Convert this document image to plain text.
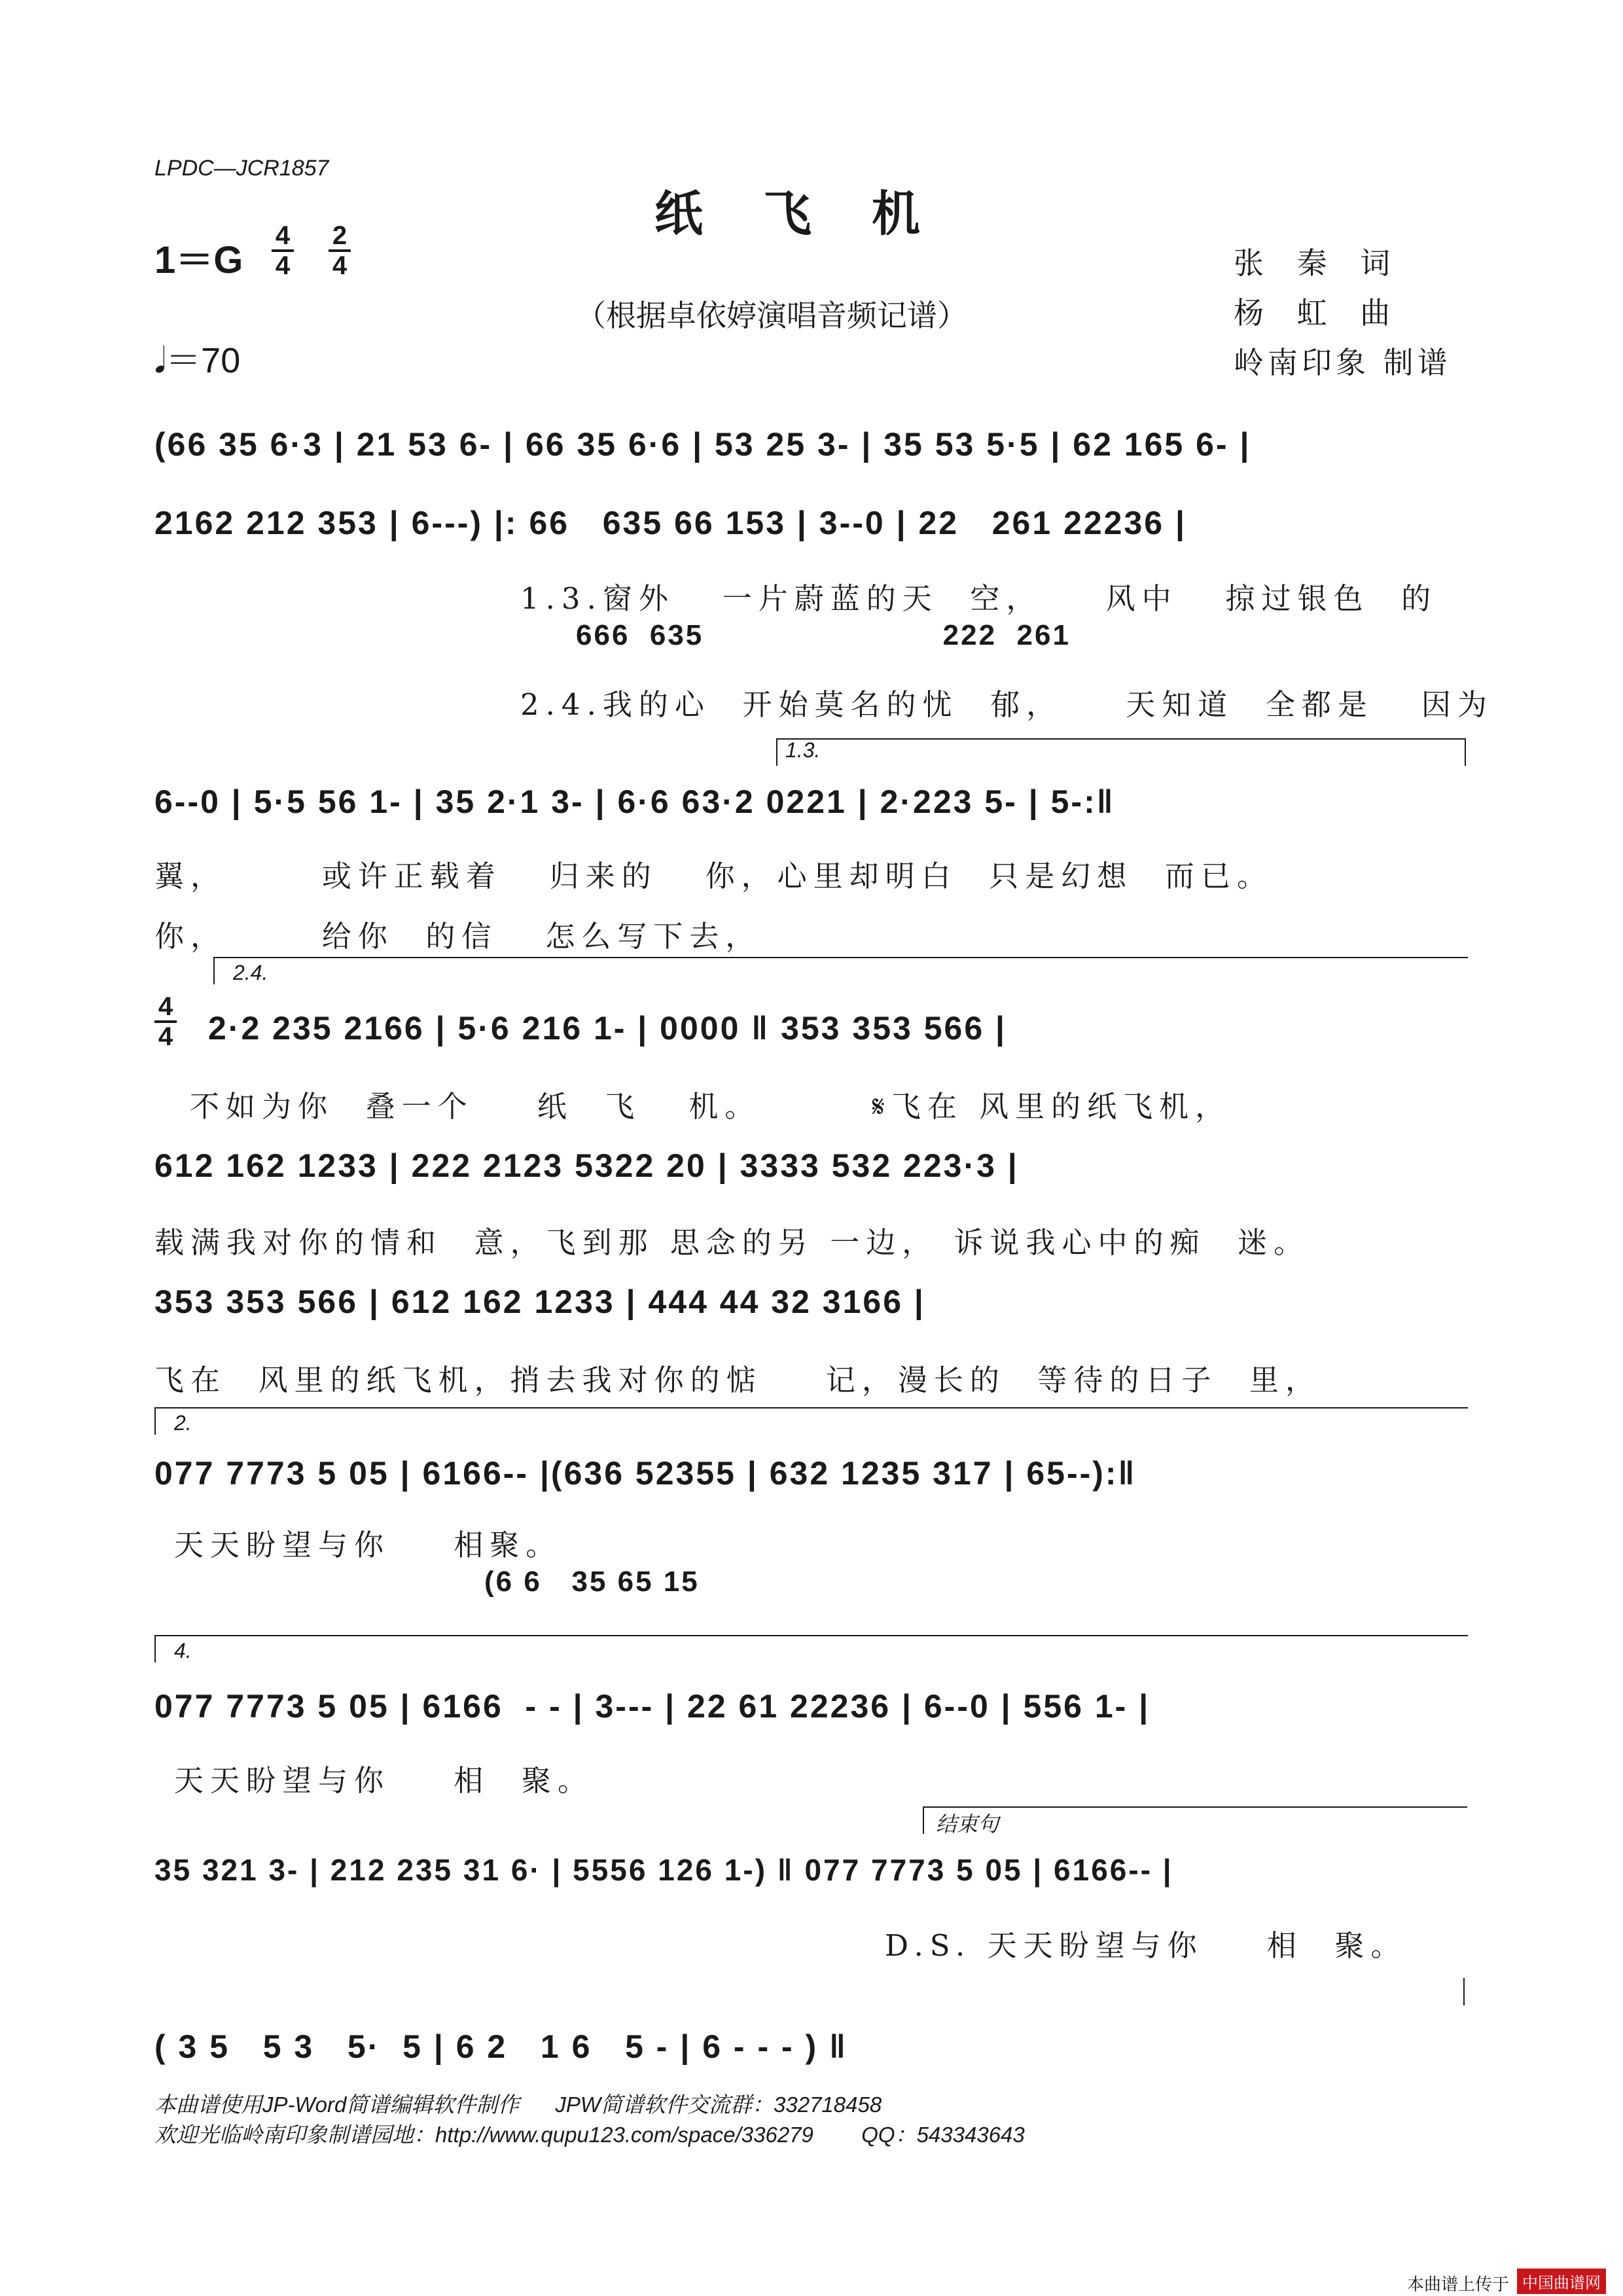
LPDC—JCR1857
纸飞机
（根据卓依婷演唱音频记谱）
1＝G
4
4
2
4
𝅘𝅥＝70
张 秦 词
杨 虹 曲
岭南印象 制谱
(66 35 6·3 | 21 53 6- | 66 35 6·6 | 53 25 3- | 35 53 5·5 | 62 165 6- |
2162 212 353 | 6---) |: 66   635 66 153 | 3--0 | 22   261 22236 |
1.3.窗外   一片蔚蓝的天  空，    风中   掠过银色  的
666  635                        222  261
2.4.我的心  开始莫名的忧  郁，    天知道  全都是   因为
1.3.
6--0 | 5·5 56 1- | 35 2·1 3- | 6·6 63·2 0221 | 2·223 5- | 5-:‖
翼，      或许正载着   归来的   你，心里却明白  只是幻想  而已。
你，      给你  的信   怎么写下去，
2.4.
4
4 2·2 235 2166 | 5·6 216 1- | 0000 ‖ 353 353 566 |
不如为你  叠一个    纸  飞   机。       𝄋飞在 风里的纸飞机，
612 162 1233 | 222 2123 5322 20 | 3333 532 223·3 |
载满我对你的情和  意，飞到那 思念的另 一边， 诉说我心中的痴  迷。
353 353 566 | 612 162 1233 | 444 44 32 3166 |
飞在  风里的纸飞机，捎去我对你的惦    记，漫长的  等待的日子  里，
2.
077 7773 5 05 | 6166-- |(636 52355 | 632 1235 317 | 65--):‖
天天盼望与你    相聚。
(6 6   35 65 15
4.
077 7773 5 05 | 6166  - - | 3--- | 22 61 22236 | 6--0 | 556 1- |
天天盼望与你    相  聚。
结束句
35 321 3- | 212 235 31 6· | 5556 126 1-) ‖ 077 7773 5 05 | 6166-- |
D.S. 天天盼望与你    相  聚。
( 3 5   5 3   5·  5 | 6 2   1 6   5 - | 6 - - - ) ‖
本曲谱使用JP-Word简谱编辑软件制作      JPW简谱软件交流群：332718458
欢迎光临岭南印象制谱园地：http://www.qupu123.com/space/336279        QQ：543343643
本曲谱上传于 中国曲谱网
